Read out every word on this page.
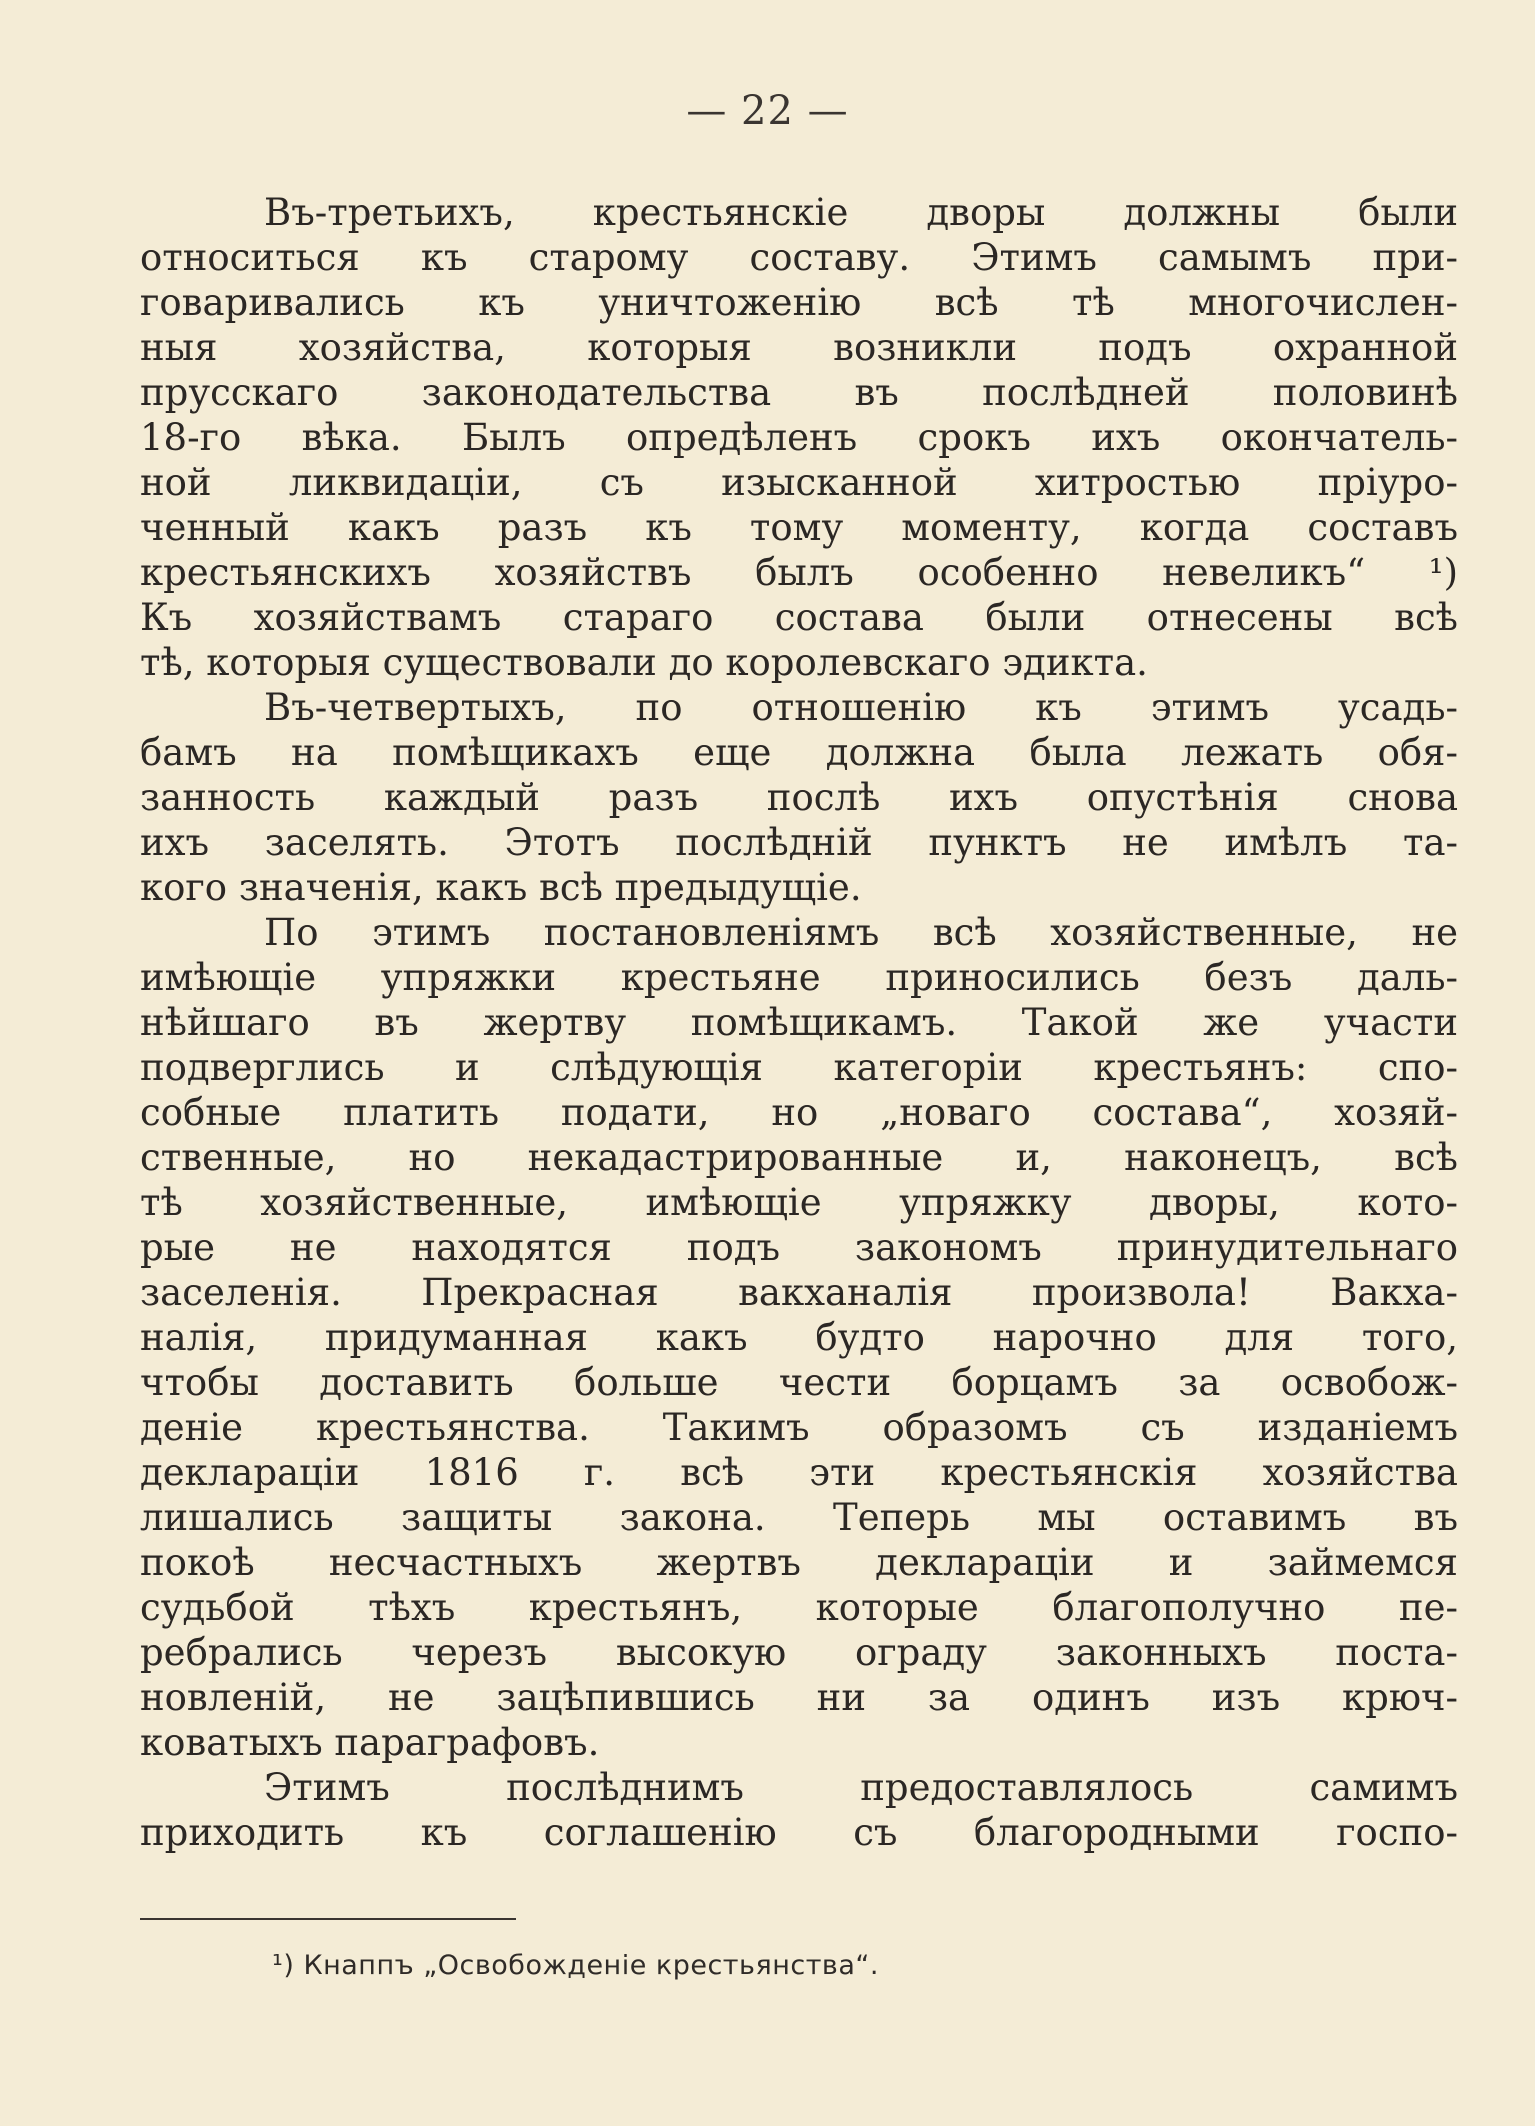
— 22 —
Въ-третьихъ, крестьянскіе дворы должны были
относиться къ старому составу. Этимъ самымъ при-
говаривались къ уничтоженію всѣ тѣ многочислен-
ныя хозяйства, которыя возникли подъ охранной
прусскаго законодательства въ послѣдней половинѣ
18-го вѣка. Былъ опредѣленъ срокъ ихъ окончатель-
ной ликвидаціи, съ изысканной хитростью пріуро-
ченный какъ разъ къ тому моменту, когда составъ
крестьянскихъ хозяйствъ былъ особенно невеликъ“ ¹)
Къ хозяйствамъ стараго состава были отнесены всѣ
тѣ, которыя существовали до королевскаго эдикта.
Въ-четвертыхъ, по отношенію къ этимъ усадь-
бамъ на помѣщикахъ еще должна была лежать обя-
занность каждый разъ послѣ ихъ опустѣнія снова
ихъ заселять. Этотъ послѣдній пунктъ не имѣлъ та-
кого значенія, какъ всѣ предыдущіе.
По этимъ постановленіямъ всѣ хозяйственные, не
имѣющіе упряжки крестьяне приносились безъ даль-
нѣйшаго въ жертву помѣщикамъ. Такой же участи
подверглись и слѣдующія категоріи крестьянъ: спо-
собные платить подати, но „новаго состава“, хозяй-
ственные, но некадастрированные и, наконецъ, всѣ
тѣ хозяйственные, имѣющіе упряжку дворы, кото-
рые не находятся подъ закономъ принудительнаго
заселенія. Прекрасная вакханалія произвола! Вакха-
налія, придуманная какъ будто нарочно для того,
чтобы доставить больше чести борцамъ за освобож-
деніе крестьянства. Такимъ образомъ съ изданіемъ
деклараціи 1816 г. всѣ эти крестьянскія хозяйства
лишались защиты закона. Теперь мы оставимъ въ
покоѣ несчастныхъ жертвъ деклараціи и займемся
судьбой тѣхъ крестьянъ, которые благополучно пе-
ребрались черезъ высокую ограду законныхъ поста-
новленій, не зацѣпившись ни за одинъ изъ крюч-
коватыхъ параграфовъ.
Этимъ послѣднимъ предоставлялось самимъ
приходить къ соглашенію съ благородными госпо-
¹) Кнаппъ „Освобожденіе крестьянства“.
